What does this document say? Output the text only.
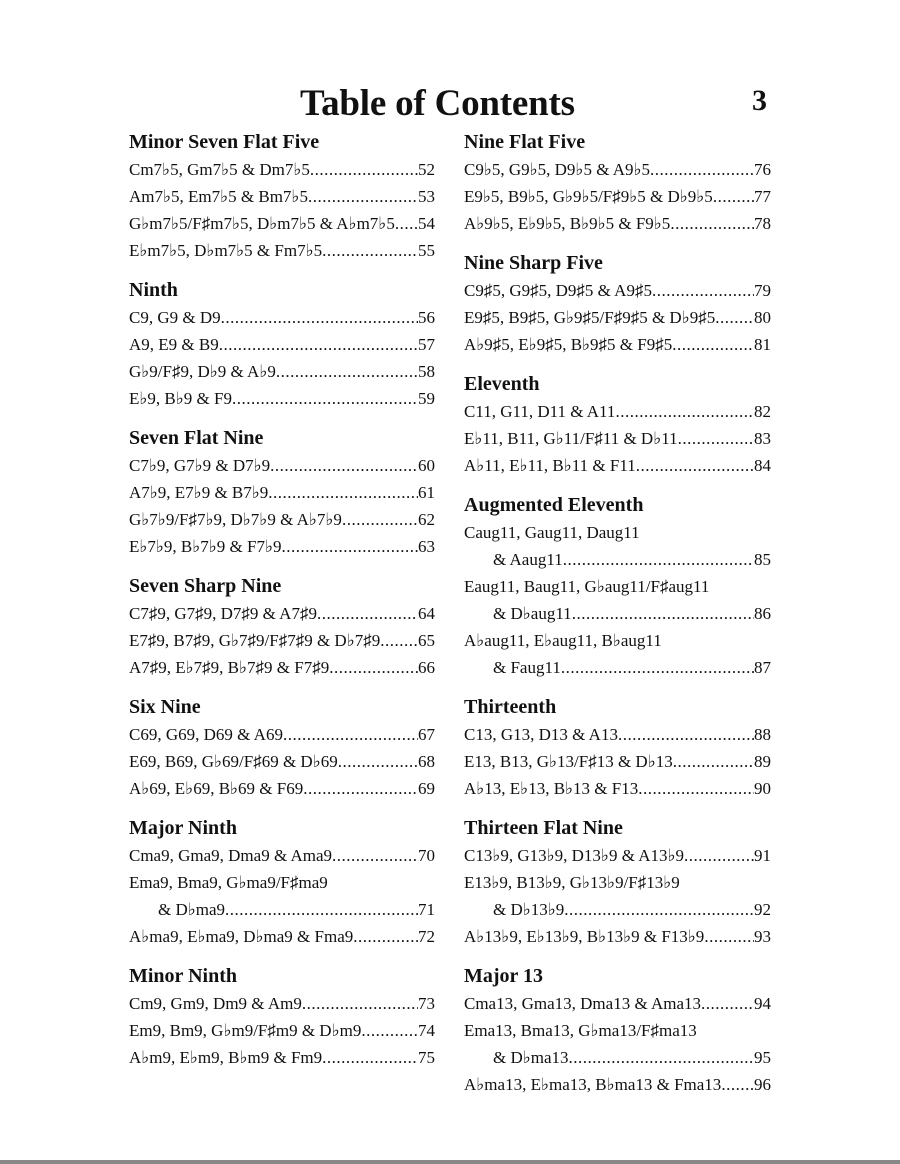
Table of Contents	3
Minor Seven Flat Five
Cm7♭5, Gm7♭5 & Dm7♭5 .....	52
Am7♭5, Em7♭5 & Bm7♭5 .....	53
G♭m7♭5/F♯m7♭5, D♭m7♭5 & A♭m7♭5 ..... 54
E♭m7♭5, D♭m7♭5 & Fm7♭5 .....	55
Ninth
C9, G9 & D9 .....	56
A9, E9 & B9 .....	57
G♭9/F♯9, D♭9 & A♭9 .....	58
E♭9, B♭9 & F9 .....	59
Seven Flat Nine
C7♭9, G7♭9 & D7♭9 .....	60
A7♭9, E7♭9 & B7♭9 .....	61
G♭7♭9/F♯7♭9, D♭7♭9 & A♭7♭9 .....	62
E♭7♭9, B♭7♭9 & F7♭9 .....	63
Seven Sharp Nine
C7♯9, G7♯9, D7♯9 & A7♯9 .....	64
E7♯9, B7♯9, G♭7♯9/F♯7♯9 & D♭7♯9 ..... 65
A7♯9, E♭7♯9, B♭7♯9 & F7♯9 .....	66
Six Nine
C69, G69, D69 & A69 .....	67
E69, B69, G♭69/F♯69 & D♭69 .....	68
A♭69, E♭69, B♭69 & F69 .....	69
Major Ninth
Cma9, Gma9, Dma9 & Ama9 .....	70
Ema9, Bma9, G♭ma9/F♯ma9
& D♭ma9 .....	71
A♭ma9, E♭ma9, D♭ma9 & Fma9 .....	72
Minor Ninth
Cm9, Gm9, Dm9 & Am9 .....	73
Em9, Bm9, G♭m9/F♯m9 & D♭m9 .....	74
A♭m9, E♭m9, B♭m9 & Fm9 .....	75
Nine Flat Five
C9♭5, G9♭5, D9♭5 & A9♭5 .....	76
E9♭5, B9♭5, G♭9♭5/F♯9♭5 & D♭9♭5 ..... 77
A♭9♭5, E♭9♭5, B♭9♭5 & F9♭5 .....	78
Nine Sharp Five
C9♯5, G9♯5, D9♯5 & A9♯5 .....	79
E9♯5, B9♯5, G♭9♯5/F♯9♯5 & D♭9♯5 ..... 80
A♭9♯5, E♭9♯5, B♭9♯5 & F9♯5 .....	81
Eleventh
C11, G11, D11 & A11 .....	82
E♭11, B11, G♭11/F♯11 & D♭11 .....	83
A♭11, E♭11, B♭11 & F11 .....	84
Augmented Eleventh
Caug11, Gaug11, Daug11
& Aaug11 .....	85
Eaug11, Baug11, G♭aug11/F♯aug11
& D♭aug11 .....	86
A♭aug11, E♭aug11, B♭aug11
& Faug11 .....	87
Thirteenth
C13, G13, D13 & A13 .....	88
E13, B13, G♭13/F♯13 & D♭13 .....	89
A♭13, E♭13, B♭13 & F13 .....	90
Thirteen Flat Nine
C13♭9, G13♭9, D13♭9 & A13♭9 .....	91
E13♭9, B13♭9, G♭13♭9/F♯13♭9
& D♭13♭9 .....	92
A♭13♭9, E♭13♭9, B♭13♭9 & F13♭9 .....	93
Major 13
Cma13, Gma13, Dma13 & Ama13 .....	94
Ema13, Bma13, G♭ma13/F♯ma13
& D♭ma13 .....	95
A♭ma13, E♭ma13, B♭ma13 & Fma13 ..... 96
